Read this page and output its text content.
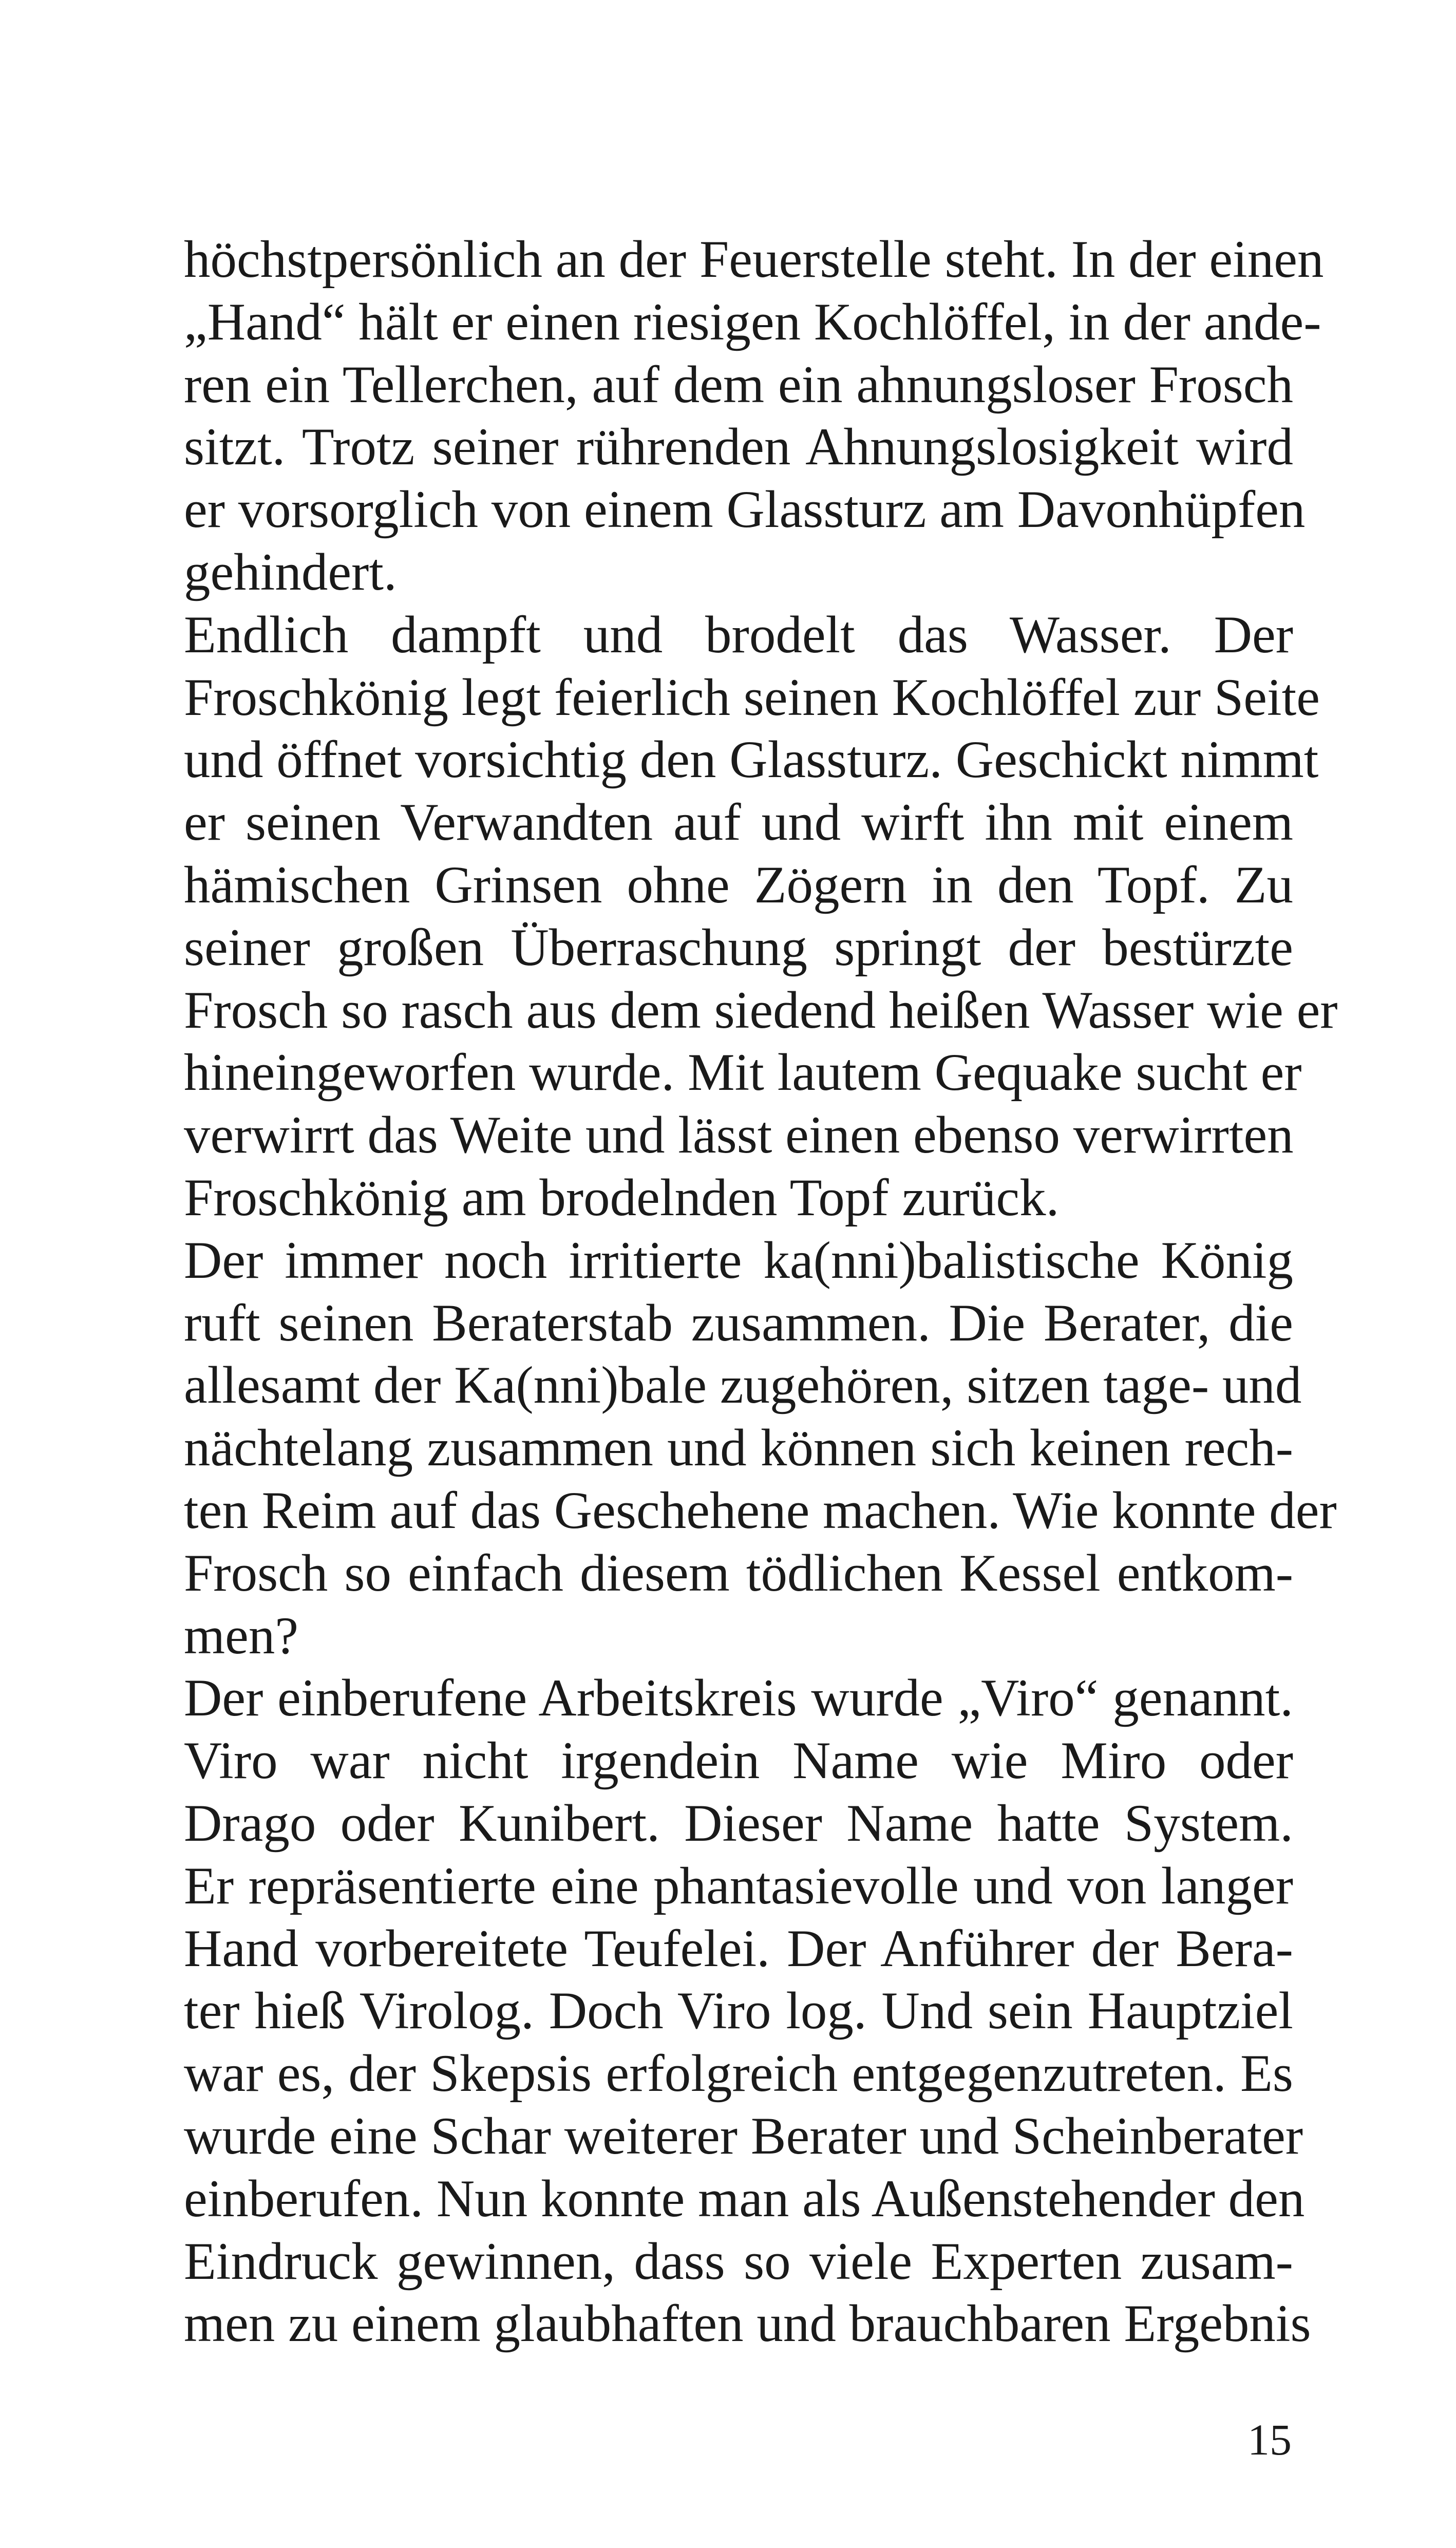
höchstpersönlich an der Feuerstelle steht. In der einen
„Hand“ hält er einen riesigen Kochlöffel, in der ande-
ren ein Tellerchen, auf dem ein ahnungsloser Frosch
sitzt. Trotz seiner rührenden Ahnungslosigkeit wird
er vorsorglich von einem Glassturz am Davonhüpfen
gehindert.
Endlich dampft und brodelt das Wasser. Der
Froschkönig legt feierlich seinen Kochlöffel zur Seite
und öffnet vorsichtig den Glassturz. Geschickt nimmt
er seinen Verwandten auf und wirft ihn mit einem
hämischen Grinsen ohne Zögern in den Topf. Zu
seiner großen Überraschung springt der bestürzte
Frosch so rasch aus dem siedend heißen Wasser wie er
hineingeworfen wurde. Mit lautem Gequake sucht er
verwirrt das Weite und lässt einen ebenso verwirrten
Froschkönig am brodelnden Topf zurück.
Der immer noch irritierte ka(nni)balistische König
ruft seinen Beraterstab zusammen. Die Berater, die
allesamt der Ka(nni)bale zugehören, sitzen tage- und
nächtelang zusammen und können sich keinen rech-
ten Reim auf das Geschehene machen. Wie konnte der
Frosch so einfach diesem tödlichen Kessel entkom-
men?
Der einberufene Arbeitskreis wurde „Viro“ genannt.
Viro war nicht irgendein Name wie Miro oder
Drago oder Kunibert. Dieser Name hatte System.
Er repräsentierte eine phantasievolle und von langer
Hand vorbereitete Teufelei. Der Anführer der Bera-
ter hieß Virolog. Doch Viro log. Und sein Hauptziel
war es, der Skepsis erfolgreich entgegenzutreten. Es
wurde eine Schar weiterer Berater und Scheinberater
einberufen. Nun konnte man als Außenstehender den
Eindruck gewinnen, dass so viele Experten zusam-
men zu einem glaubhaften und brauchbaren Ergebnis
15
